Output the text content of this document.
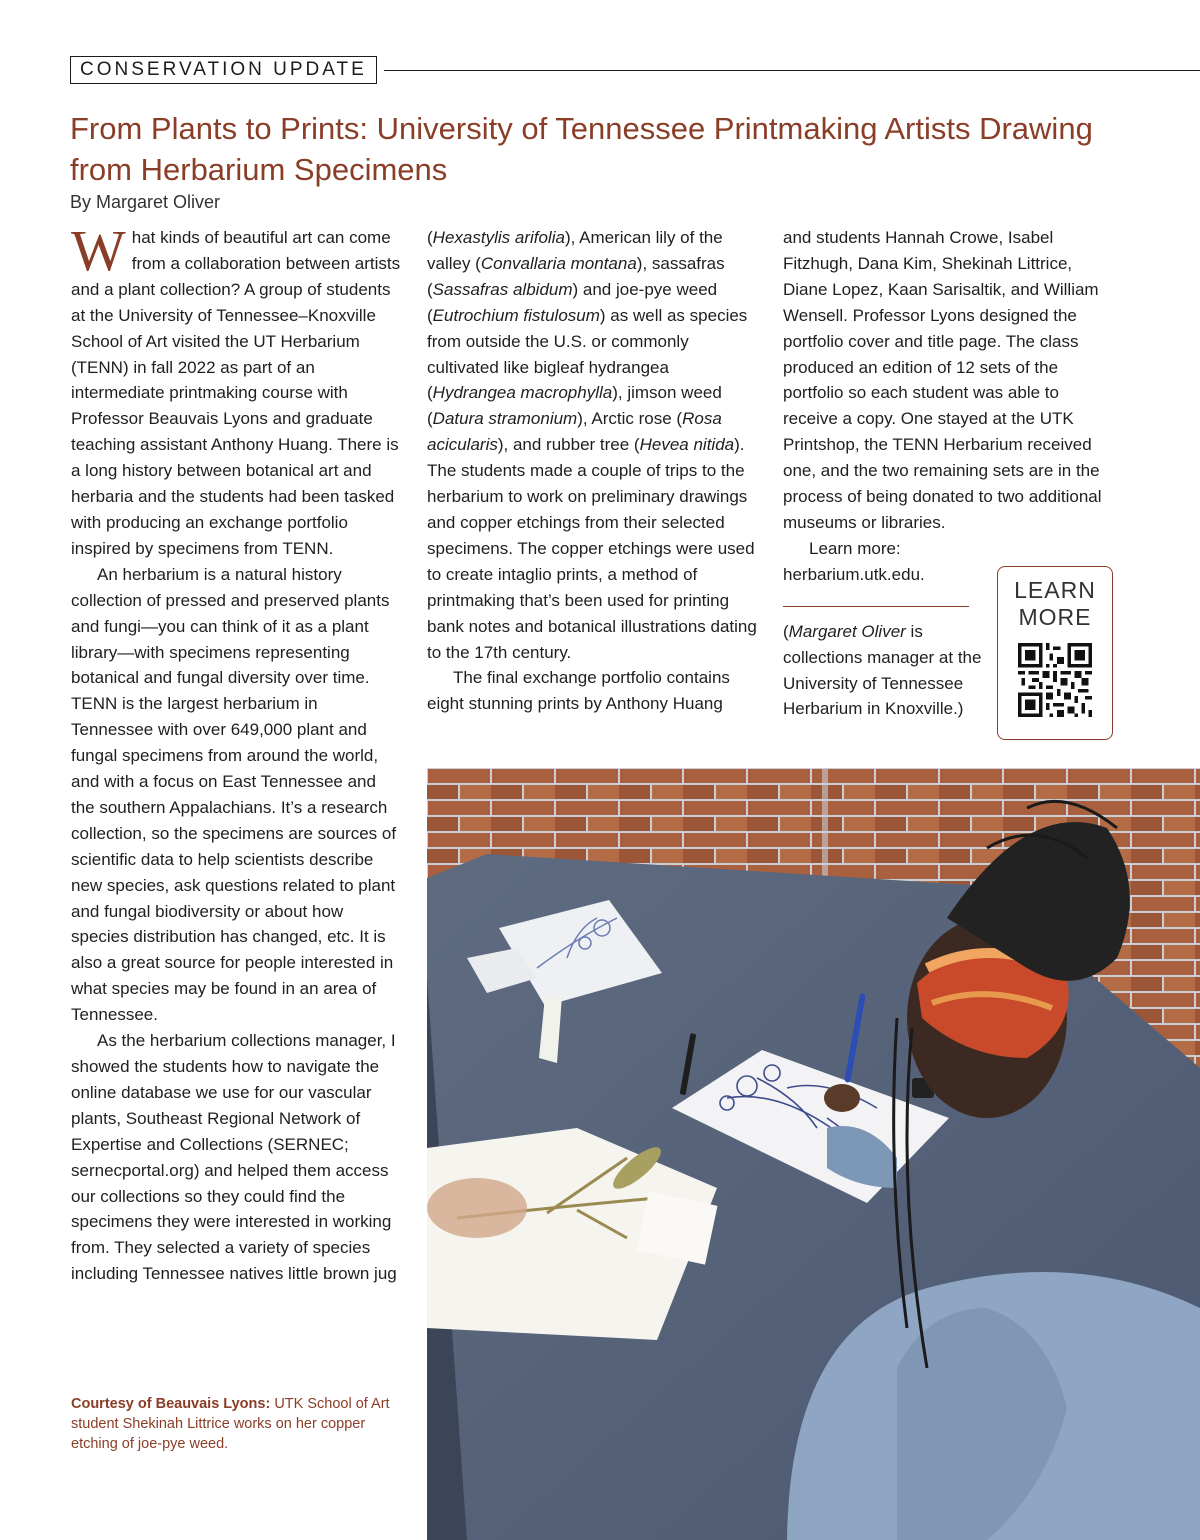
CONSERVATION UPDATE
From Plants to Prints: University of Tennessee Printmaking Artists Drawing from Herbarium Specimens
By Margaret Oliver

What kinds of beautiful art can come from a collaboration between artists and a plant collection? A group of students at the University of Tennessee–Knoxville School of Art visited the UT Herbarium (TENN) in fall 2022 as part of an intermediate printmaking course with Professor Beauvais Lyons and graduate teaching assistant Anthony Huang. There is a long history between botanical art and herbaria and the students had been tasked with producing an exchange portfolio inspired by specimens from TENN.

An herbarium is a natural history collection of pressed and preserved plants and fungi—you can think of it as a plant library—with specimens representing botanical and fungal diversity over time. TENN is the largest herbarium in Tennessee with over 649,000 plant and fungal specimens from around the world, and with a focus on East Tennessee and the southern Appalachians. It’s a research collection, so the specimens are sources of scientific data to help scientists describe new species, ask questions related to plant and fungal biodiversity or about how species distribution has changed, etc. It is also a great source for people interested in what species may be found in an area of Tennessee.

As the herbarium collections manager, I showed the students how to navigate the online database we use for our vascular plants, Southeast Regional Network of Expertise and Collections (SERNEC; sernecportal.org) and helped them access our collections so they could find the specimens they were interested in working from. They selected a variety of species including Tennessee natives little brown jug

(Hexastylis arifolia), American lily of the valley (Convallaria montana), sassafras (Sassafras albidum) and joe-pye weed (Eutrochium fistulosum) as well as species from outside the U.S. or commonly cultivated like bigleaf hydrangea (Hydrangea macrophylla), jimson weed (Datura stramonium), Arctic rose (Rosa acicularis), and rubber tree (Hevea nitida). The students made a couple of trips to the herbarium to work on preliminary drawings and copper etchings from their selected specimens. The copper etchings were used to create intaglio prints, a method of printmaking that’s been used for printing bank notes and botanical illustrations dating to the 17th century.

The final exchange portfolio contains eight stunning prints by Anthony Huang

and students Hannah Crowe, Isabel Fitzhugh, Dana Kim, Shekinah Littrice, Diane Lopez, Kaan Sarisaltik, and William Wensell. Professor Lyons designed the portfolio cover and title page. The class produced an edition of 12 sets of the portfolio so each student was able to receive a copy. One stayed at the UTK Printshop, the TENN Herbarium received one, and the two remaining sets are in the process of being donated to two additional museums or libraries.

Learn more:

herbarium.utk.edu.

(Margaret Oliver is collections manager at the University of Tennessee Herbarium in Knoxville.)

LEARN
MORE
Courtesy of Beauvais Lyons: UTK School of Art student Shekinah Littrice works on her copper etching of joe-pye weed.
